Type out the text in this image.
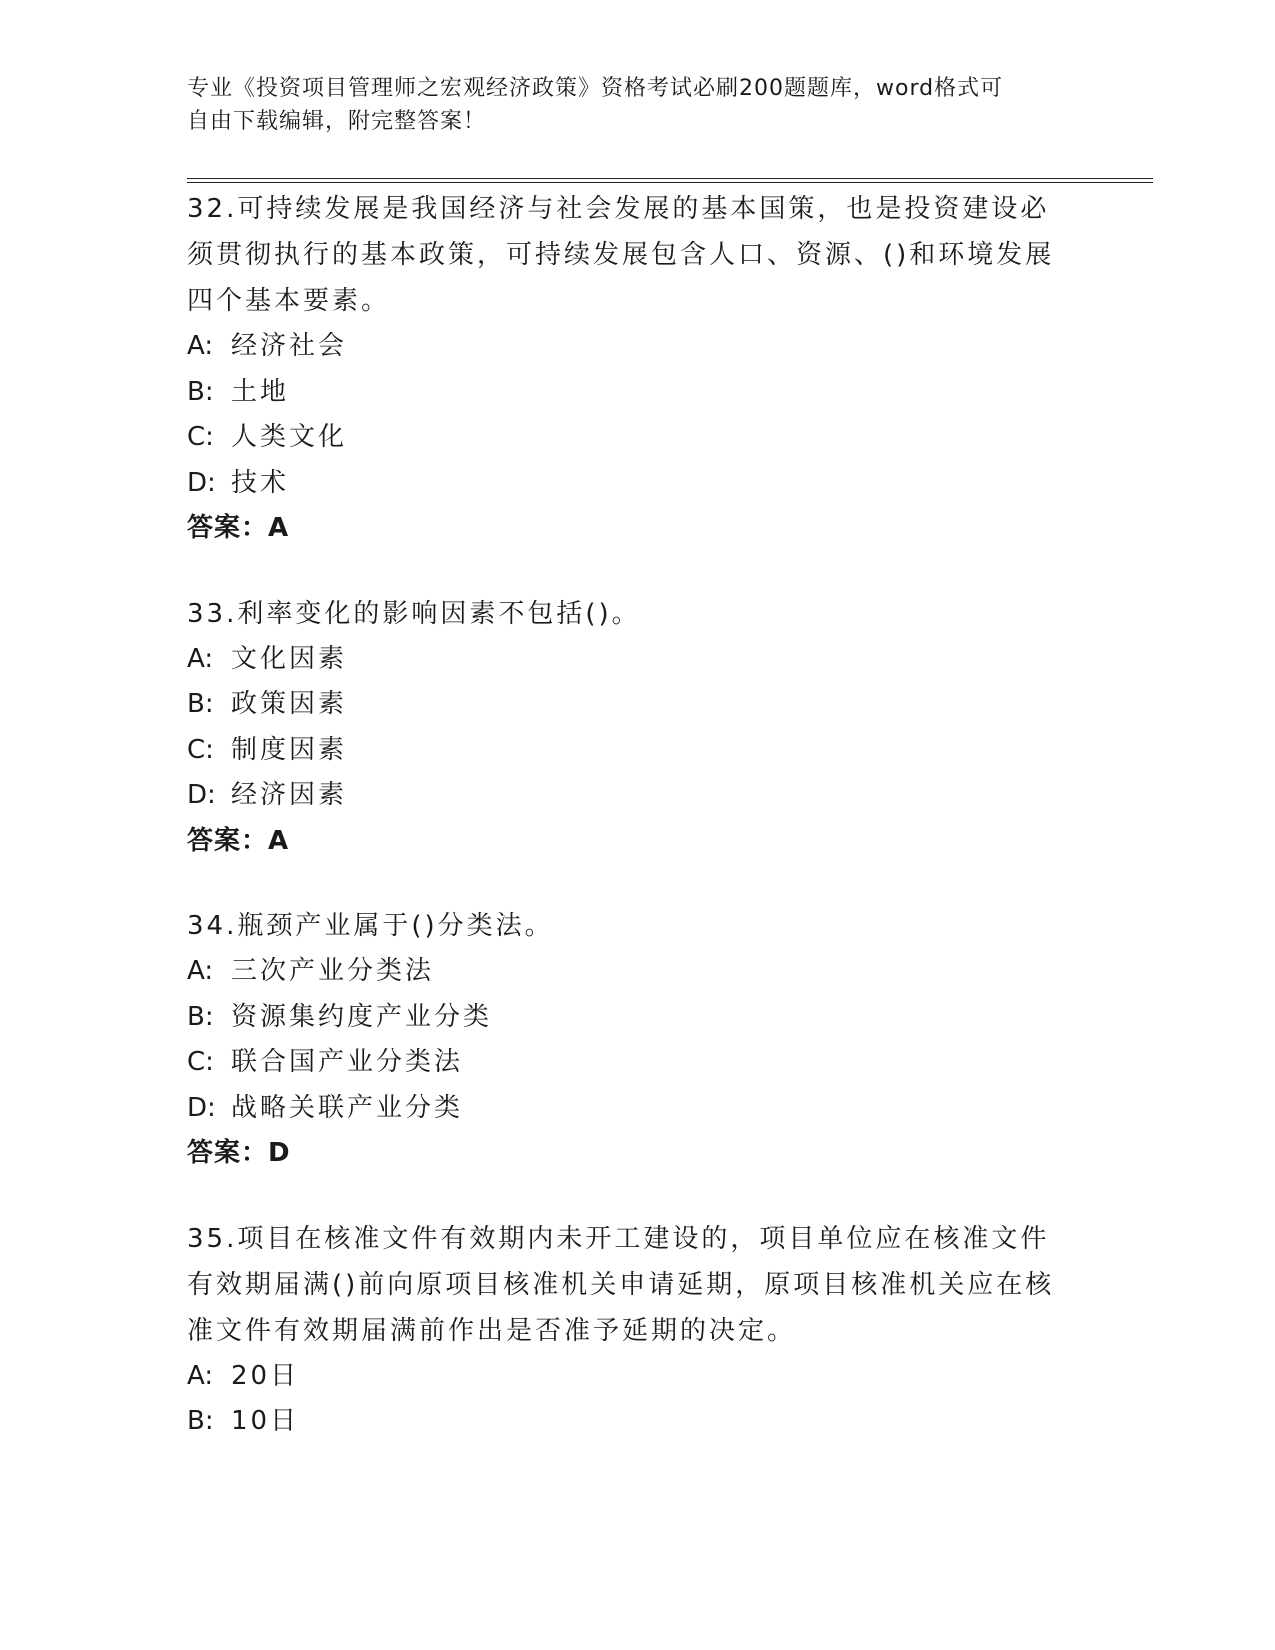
专业《投资项目管理师之宏观经济政策》资格考试必刷200题题库，word格式可
自由下载编辑，附完整答案！
32.可持续发展是我国经济与社会发展的基本国策，也是投资建设必须贯彻执行的基本政策，可持续发展包含人口、资源、()和环境发展四个基本要素。
A: 经济社会
B: 土地
C: 人类文化
D: 技术
答案：A
33.利率变化的影响因素不包括()。
A: 文化因素
B: 政策因素
C: 制度因素
D: 经济因素
答案：A
34.瓶颈产业属于()分类法。
A: 三次产业分类法
B: 资源集约度产业分类
C: 联合国产业分类法
D: 战略关联产业分类
答案：D
35.项目在核准文件有效期内未开工建设的，项目单位应在核准文件有效期届满()前向原项目核准机关申请延期，原项目核准机关应在核准文件有效期届满前作出是否准予延期的决定。
A: 20日
B: 10日
